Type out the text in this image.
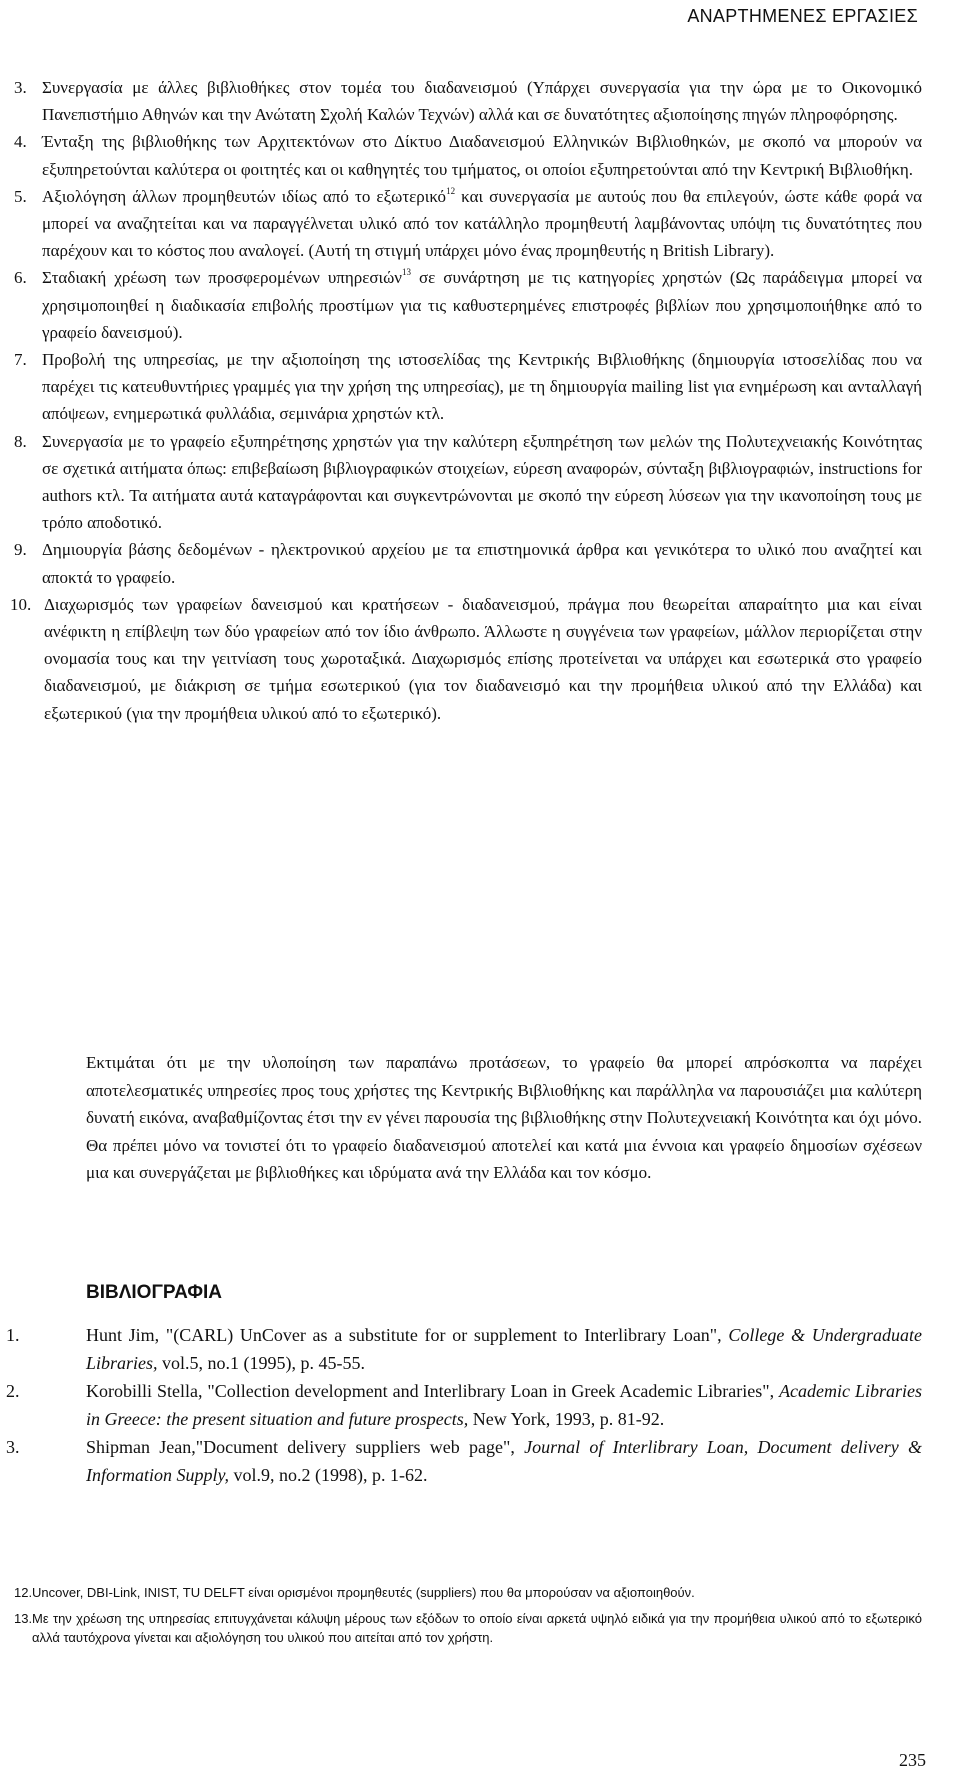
ΑΝΑΡΤΗΜΕΝΕΣ ΕΡΓΑΣΙΕΣ
3. Συνεργασία με άλλες βιβλιοθήκες στον τομέα του διαδανεισμού (Υπάρχει συνεργασία για την ώρα με το Οικονομικό Πανεπιστήμιο Αθηνών και την Ανώτατη Σχολή Καλών Τεχνών) αλλά και σε δυνατότητες αξιοποίησης πηγών πληροφόρησης.
4. Ένταξη της βιβλιοθήκης των Αρχιτεκτόνων στο Δίκτυο Διαδανεισμού Ελληνικών Βιβλιοθηκών, με σκοπό να μπορούν να εξυπηρετούνται καλύτερα οι φοιτητές και οι καθηγητές του τμήματος, οι οποίοι εξυπηρετούνται από την Κεντρική Βιβλιοθήκη.
5. Αξιολόγηση άλλων προμηθευτών ιδίως από το εξωτερικό$^{12}$ και συνεργασία με αυτούς που θα επιλεγούν, ώστε κάθε φορά να μπορεί να αναζητείται και να παραγγέλνεται υλικό από τον κατάλληλο προμηθευτή λαμβάνοντας υπόψη τις δυνατότητες που παρέχουν και το κόστος που αναλογεί. (Αυτή τη στιγμή υπάρχει μόνο ένας προμηθευτής η British Library).
6. Σταδιακή χρέωση των προσφερομένων υπηρεσιών$^{13}$ σε συνάρτηση με τις κατηγορίες χρηστών (Ως παράδειγμα μπορεί να χρησιμοποιηθεί η διαδικασία επιβολής προστίμων για τις καθυστερημένες επιστροφές βιβλίων που χρησιμοποιήθηκε από το γραφείο δανεισμού).
7. Προβολή της υπηρεσίας, με την αξιοποίηση της ιστοσελίδας της Κεντρικής Βιβλιοθήκης (δημιουργία ιστοσελίδας που να παρέχει τις κατευθυντήριες γραμμές για την χρήση της υπηρεσίας), με τη δημιουργία mailing list για ενημέρωση και ανταλλαγή απόψεων, ενημερωτικά φυλλάδια, σεμινάρια χρηστών κτλ.
8. Συνεργασία με το γραφείο εξυπηρέτησης χρηστών για την καλύτερη εξυπηρέτηση των μελών της Πολυτεχνειακής Κοινότητας σε σχετικά αιτήματα όπως: επιβεβαίωση βιβλιογραφικών στοιχείων, εύρεση αναφορών, σύνταξη βιβλιογραφιών, instructions for authors κτλ. Τα αιτήματα αυτά καταγράφονται και συγκεντρώνονται με σκοπό την εύρεση λύσεων για την ικανοποίηση τους με τρόπο αποδοτικό.
9. Δημιουργία βάσης δεδομένων - ηλεκτρονικού αρχείου με τα επιστημονικά άρθρα και γενικότερα το υλικό που αναζητεί και αποκτά το γραφείο.
10. Διαχωρισμός των γραφείων δανεισμού και κρατήσεων - διαδανεισμού, πράγμα που θεωρείται απαραίτητο μια και είναι ανέφικτη η επίβλεψη των δύο γραφείων από τον ίδιο άνθρωπο. Άλλωστε η συγγένεια των γραφείων, μάλλον περιορίζεται στην ονομασία τους και την γειτνίαση τους χωροταξικά. Διαχωρισμός επίσης προτείνεται να υπάρχει και εσωτερικά στο γραφείο διαδανεισμού, με διάκριση σε τμήμα εσωτερικού (για τον διαδανεισμό και την προμήθεια υλικού από την Ελλάδα) και εξωτερικού (για την προμήθεια υλικού από το εξωτερικό).

Εκτιμάται ότι με την υλοποίηση των παραπάνω προτάσεων, το γραφείο θα μπορεί απρόσκοπτα να παρέχει αποτελεσματικές υπηρεσίες προς τους χρήστες της Κεντρικής Βιβλιοθήκης και παράλληλα να παρουσιάζει μια καλύτερη δυνατή εικόνα, αναβαθμίζοντας έτσι την εν γένει παρουσία της βιβλιοθήκης στην Πολυτεχνειακή Κοινότητα και όχι μόνο. Θα πρέπει μόνο να τονιστεί ότι το γραφείο διαδανεισμού αποτελεί και κατά μια έννοια και γραφείο δημοσίων σχέσεων μια και συνεργάζεται με βιβλιοθήκες και ιδρύματα ανά την Ελλάδα και τον κόσμο.

ΒΙΒΛΙΟΓΡΑΦΙΑ
1.	Hunt Jim, "(CARL) UnCover as a substitute for or supplement to Interlibrary Loan", College & Undergraduate Libraries, vol.5, no.1 (1995), p. 45-55.
2.	Korobilli Stella, "Collection development and Interlibrary Loan in Greek Academic Libraries", Academic Libraries in Greece: the present situation and future prospects, New York, 1993, p. 81-92.
3.	Shipman Jean,"Document delivery suppliers web page", Journal of Interlibrary Loan, Document delivery & Information Supply, vol.9, no.2 (1998), p. 1-62.
12. Uncover, DBI-Link, INIST, TU DELFT είναι ορισμένοι προμηθευτές (suppliers) που θα μπορούσαν να αξιοποιηθούν.
13. Με την χρέωση της υπηρεσίας επιτυγχάνεται κάλυψη μέρους των εξόδων το οποίο είναι αρκετά υψηλό ειδικά για την προμήθεια υλικού από το εξωτερικό αλλά ταυτόχρονα γίνεται και αξιολόγηση του υλικού που αιτείται από τον χρήστη.
235
